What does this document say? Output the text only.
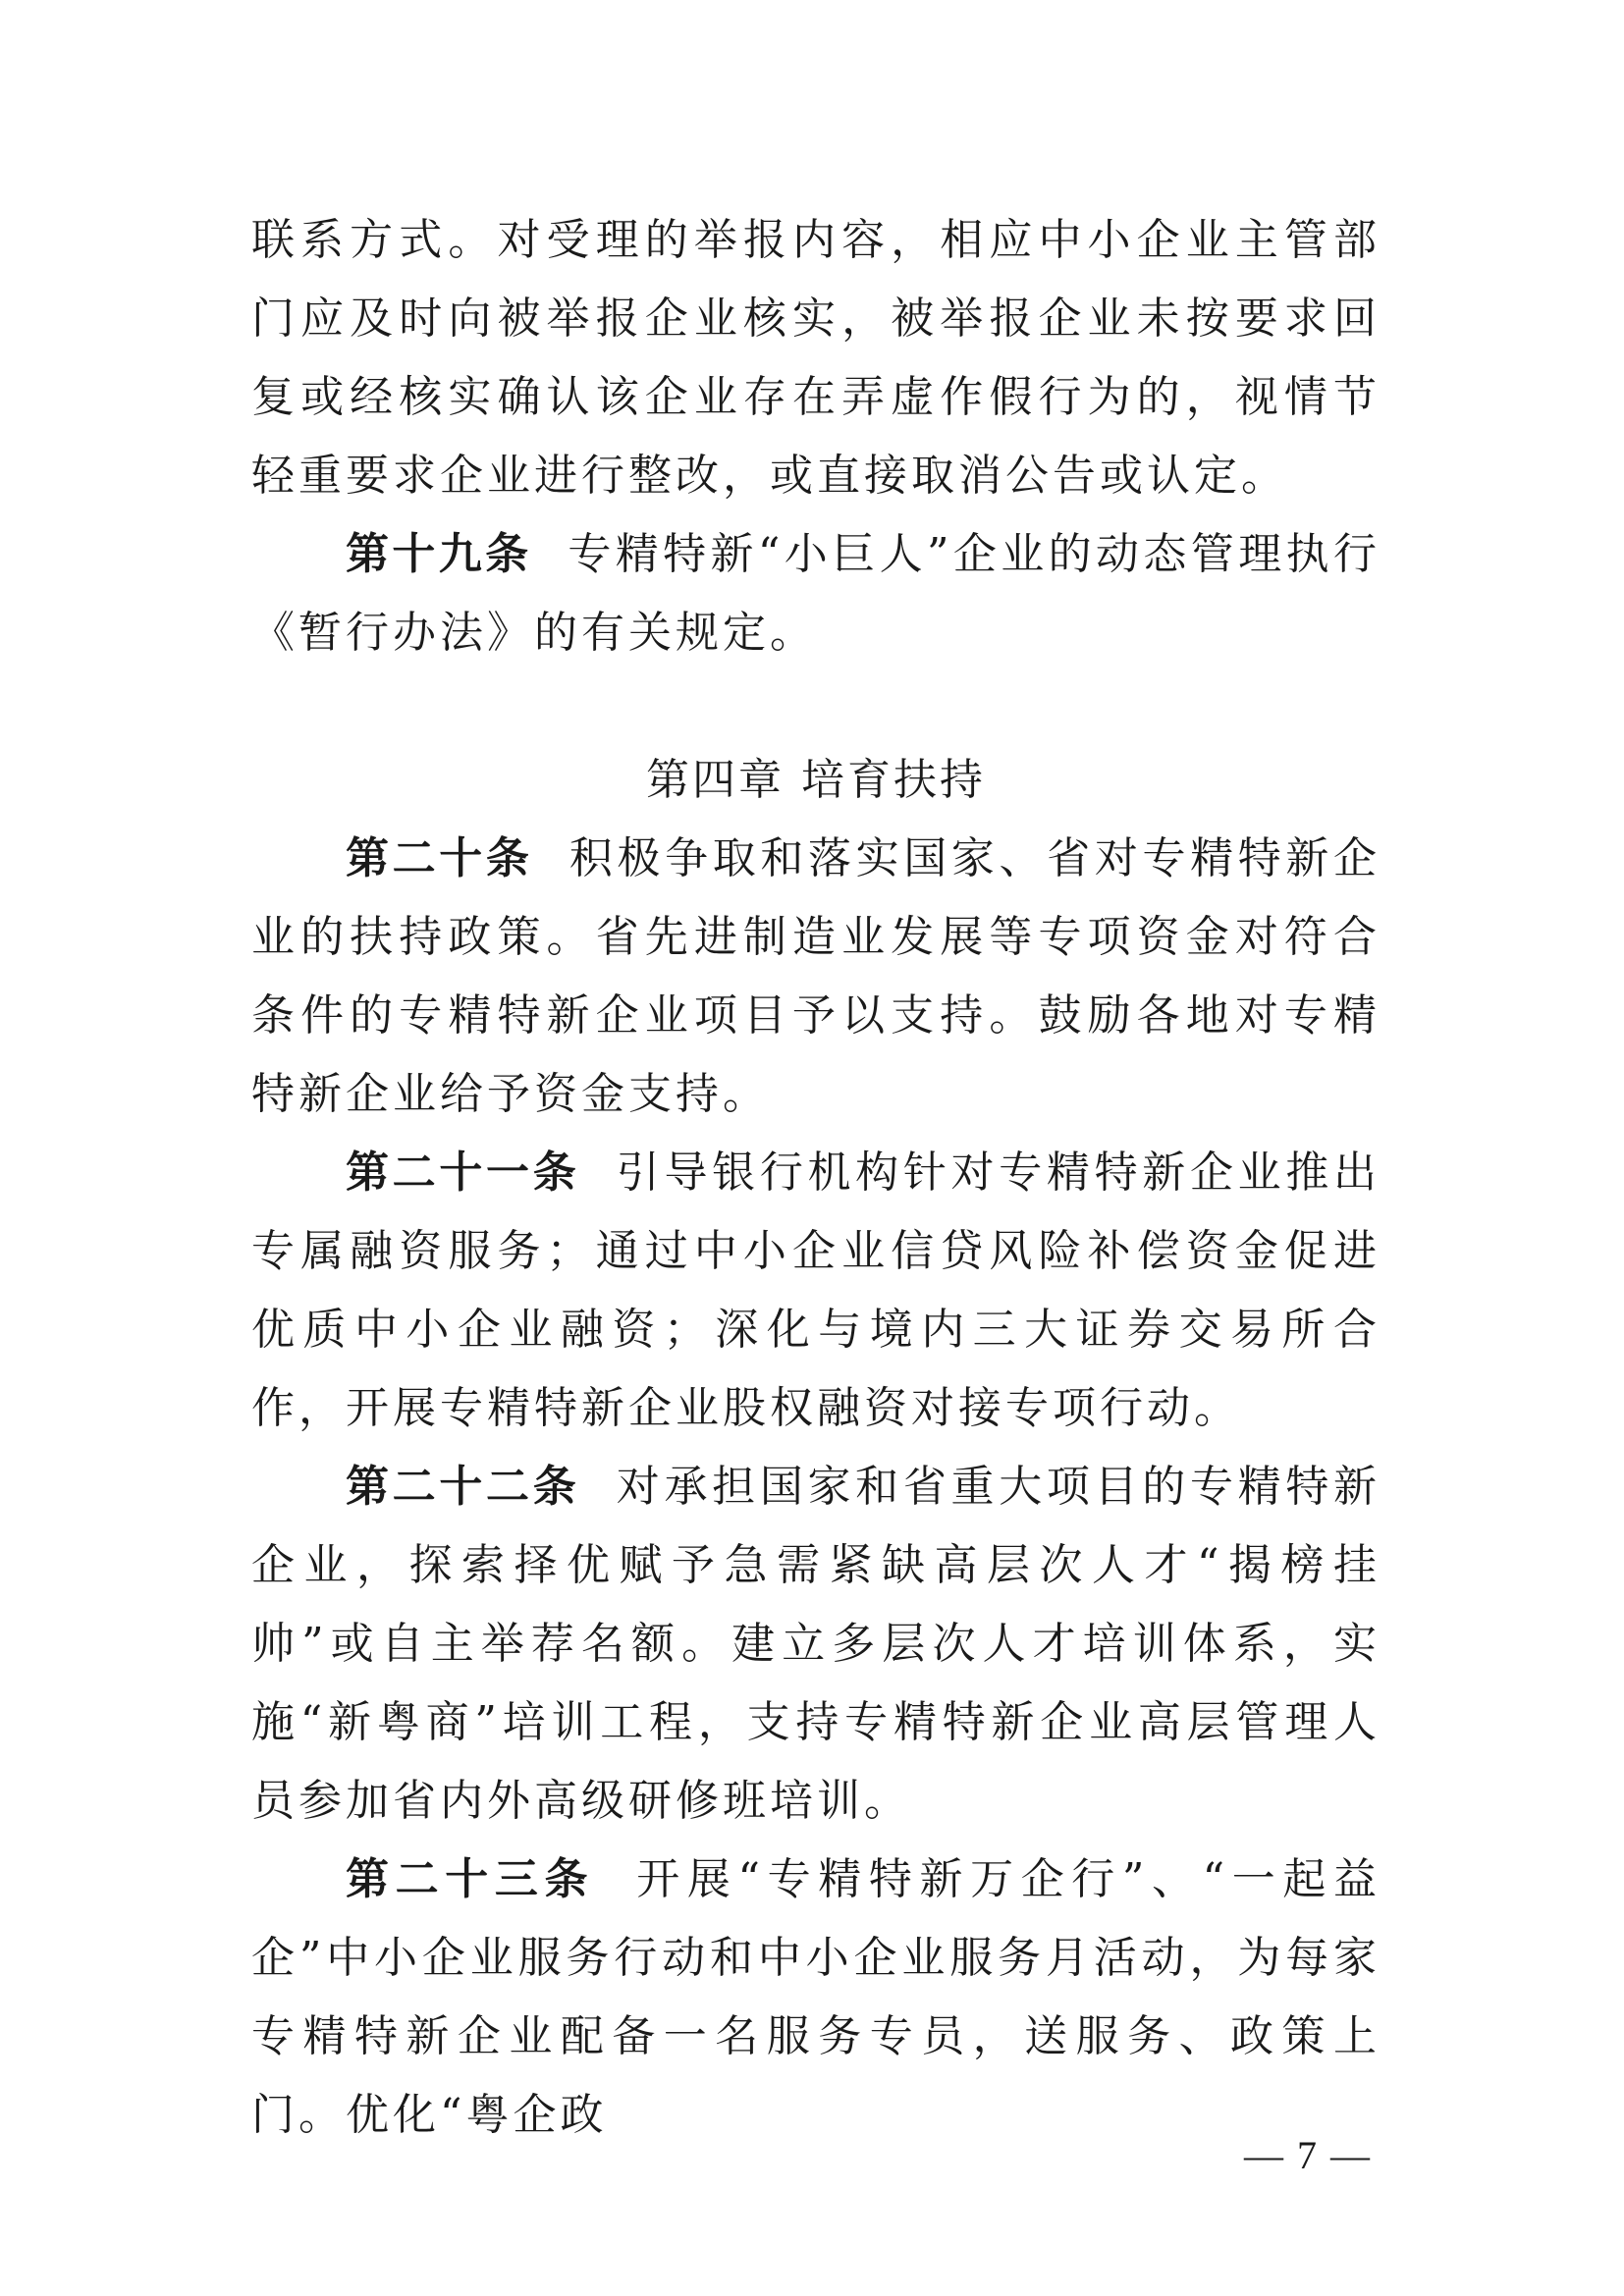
联系方式。对受理的举报内容，相应中小企业主管部门应及时向被举报企业核实，被举报企业未按要求回复或经核实确认该企业存在弄虚作假行为的，视情节轻重要求企业进行整改，或直接取消公告或认定。

第十九条 专精特新“小巨人”企业的动态管理执行《暂行办法》的有关规定。

第四章 培育扶持

第二十条 积极争取和落实国家、省对专精特新企业的扶持政策。省先进制造业发展等专项资金对符合条件的专精特新企业项目予以支持。鼓励各地对专精特新企业给予资金支持。

第二十一条 引导银行机构针对专精特新企业推出专属融资服务；通过中小企业信贷风险补偿资金促进优质中小企业融资；深化与境内三大证券交易所合作，开展专精特新企业股权融资对接专项行动。

第二十二条 对承担国家和省重大项目的专精特新企业，探索择优赋予急需紧缺高层次人才“揭榜挂帅”或自主举荐名额。建立多层次人才培训体系，实施“新粤商”培训工程，支持专精特新企业高层管理人员参加省内外高级研修班培训。

第二十三条 开展“专精特新万企行”、“一起益企”中小企业服务行动和中小企业服务月活动，为每家专精特新企业配备一名服务专员，送服务、政策上门。优化“粤企政

— 7 —
